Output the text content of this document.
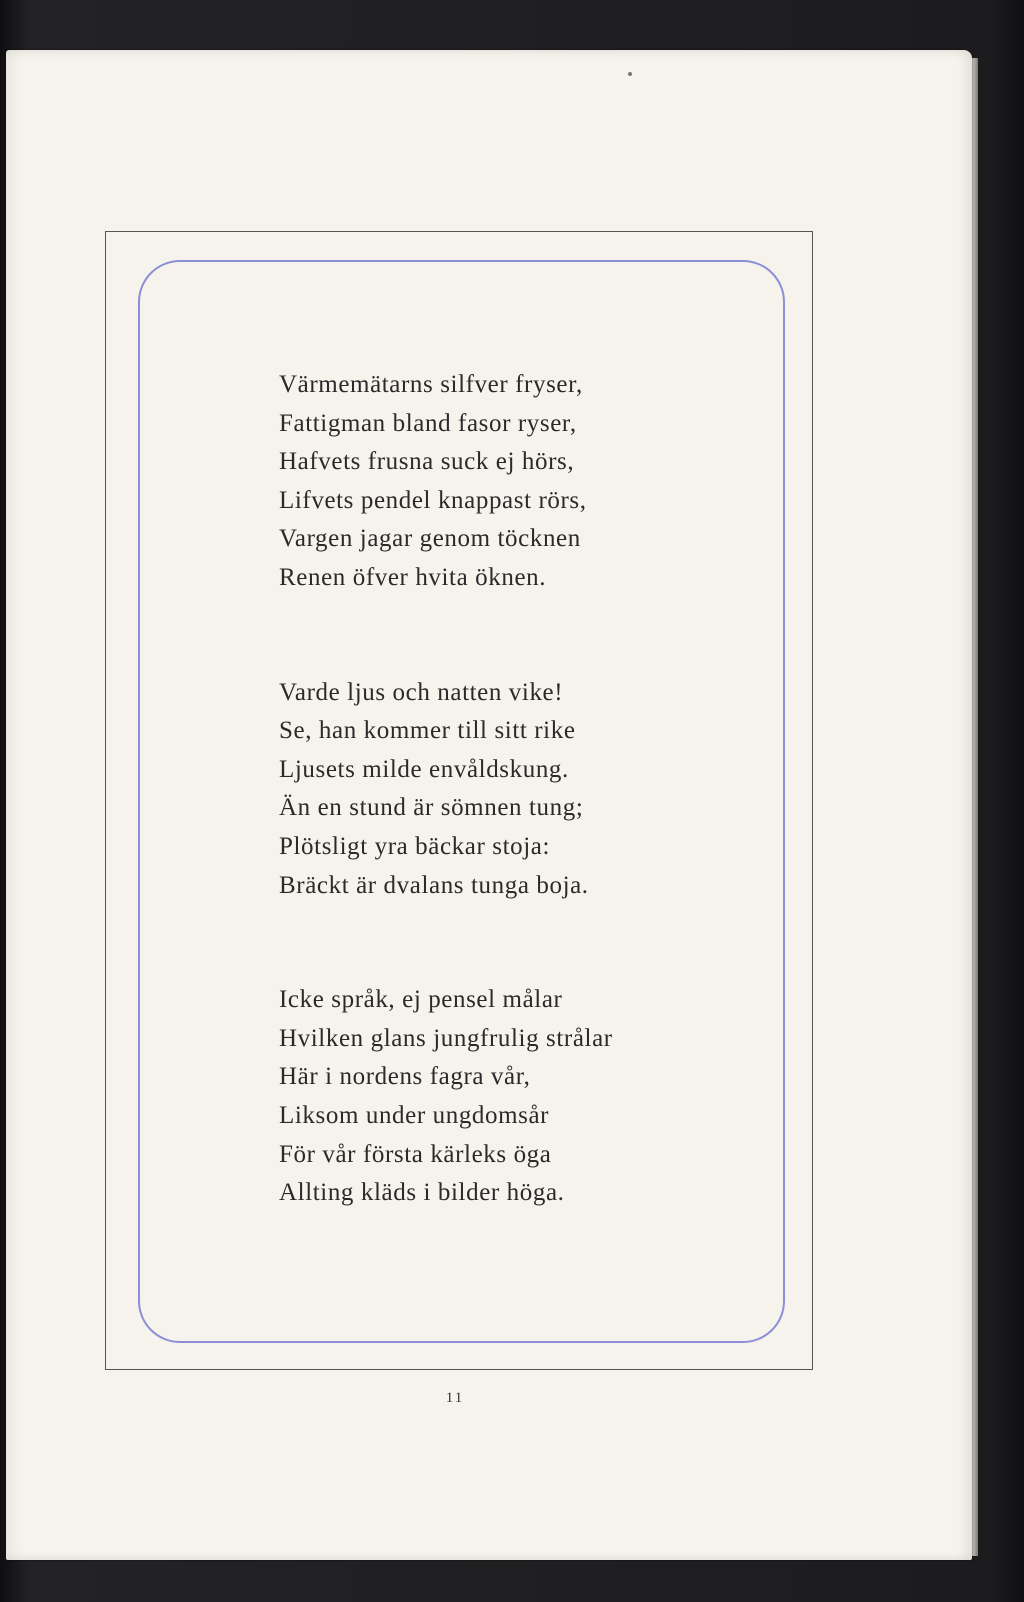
Värmemätarns silfver fryser,
Fattigman bland fasor ryser,
Hafvets frusna suck ej hörs,
Lifvets pendel knappast rörs,
Vargen jagar genom töcknen
Renen öfver hvita öknen.
Varde ljus och natten vike!
Se, han kommer till sitt rike
Ljusets milde envåldskung.
Än en stund är sömnen tung;
Plötsligt yra bäckar stoja:
Bräckt är dvalans tunga boja.
Icke språk, ej pensel målar
Hvilken glans jungfrulig strålar
Här i nordens fagra vår,
Liksom under ungdomsår
För vår första kärleks öga
Allting kläds i bilder höga.
11
